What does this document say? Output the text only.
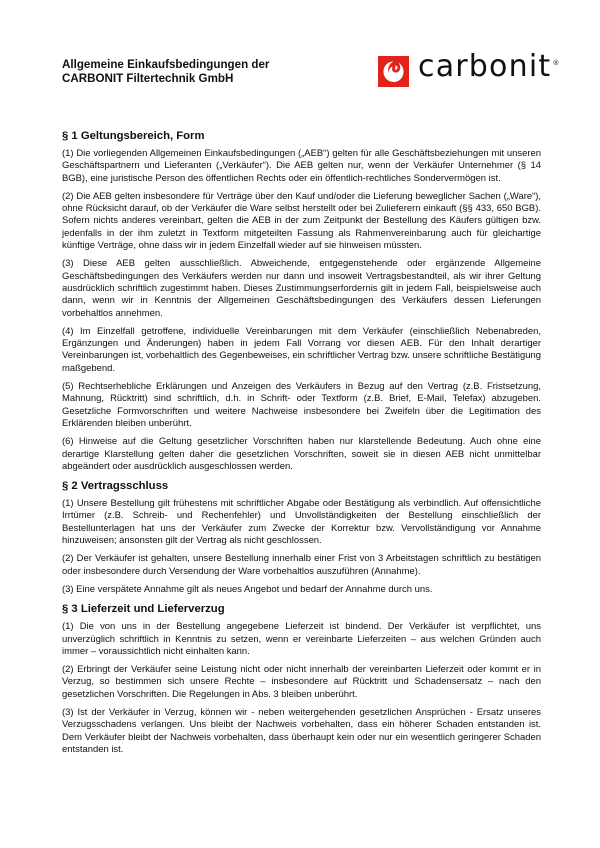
Allgemeine Einkaufsbedingungen der
CARBONIT Filtertechnik GmbH	carbonit®
§ 1 Geltungsbereich, Form

(1) Die vorliegenden Allgemeinen Einkaufsbedingungen („AEB“) gelten für alle Geschäftsbeziehungen mit unseren Geschäftspartnern und Lieferanten („Verkäufer“). Die AEB gelten nur, wenn der Verkäufer Unternehmer (§ 14 BGB), eine juristische Person des öffentlichen Rechts oder ein öffentlich-rechtliches Sondervermögen ist.

(2) Die AEB gelten insbesondere für Verträge über den Kauf und/oder die Lieferung beweglicher Sachen („Ware“), ohne Rücksicht darauf, ob der Verkäufer die Ware selbst herstellt oder bei Zulieferern einkauft (§§ 433, 650 BGB). Sofern nichts anderes vereinbart, gelten die AEB in der zum Zeitpunkt der Bestellung des Käufers gültigen bzw. jedenfalls in der ihm zuletzt in Textform mitgeteilten Fassung als Rahmenvereinbarung auch für gleichartige künftige Verträge, ohne dass wir in jedem Einzelfall wieder auf sie hinweisen müssten.

(3) Diese AEB gelten ausschließlich. Abweichende, entgegenstehende oder ergänzende Allgemeine Geschäftsbedingungen des Verkäufers werden nur dann und insoweit Vertragsbestandteil, als wir ihrer Geltung ausdrücklich schriftlich zugestimmt haben. Dieses Zustimmungserfordernis gilt in jedem Fall, beispielsweise auch dann, wenn wir in Kenntnis der Allgemeinen Geschäftsbedingungen des Verkäufers dessen Lieferungen vorbehaltlos annehmen.

(4) Im Einzelfall getroffene, individuelle Vereinbarungen mit dem Verkäufer (einschließlich Nebenabreden, Ergänzungen und Änderungen) haben in jedem Fall Vorrang vor diesen AEB. Für den Inhalt derartiger Vereinbarungen ist, vorbehaltlich des Gegenbeweises, ein schriftlicher Vertrag bzw. unsere schriftliche Bestätigung maßgebend.

(5) Rechtserhebliche Erklärungen und Anzeigen des Verkäufers in Bezug auf den Vertrag (z.B. Fristsetzung, Mahnung, Rücktritt) sind schriftlich, d.h. in Schrift- oder Textform (z.B. Brief, E-Mail, Telefax) abzugeben. Gesetzliche Formvorschriften und weitere Nachweise insbesondere bei Zweifeln über die Legitimation des Erklärenden bleiben unberührt.

(6) Hinweise auf die Geltung gesetzlicher Vorschriften haben nur klarstellende Bedeutung. Auch ohne eine derartige Klarstellung gelten daher die gesetzlichen Vorschriften, soweit sie in diesen AEB nicht unmittelbar abgeändert oder ausdrücklich ausgeschlossen werden.

§ 2 Vertragsschluss

(1) Unsere Bestellung gilt frühestens mit schriftlicher Abgabe oder Bestätigung als verbindlich. Auf offensichtliche Irrtümer (z.B. Schreib- und Rechenfehler) und Unvollständigkeiten der Bestellung einschließlich der Bestellunterlagen hat uns der Verkäufer zum Zwecke der Korrektur bzw. Vervollständigung vor Annahme hinzuweisen; ansonsten gilt der Vertrag als nicht geschlossen.

(2) Der Verkäufer ist gehalten, unsere Bestellung innerhalb einer Frist von 3 Arbeitstagen schriftlich zu bestätigen oder insbesondere durch Versendung der Ware vorbehaltlos auszuführen (Annahme).

(3) Eine verspätete Annahme gilt als neues Angebot und bedarf der Annahme durch uns.

§ 3 Lieferzeit und Lieferverzug

(1) Die von uns in der Bestellung angegebene Lieferzeit ist bindend. Der Verkäufer ist verpflichtet, uns unverzüglich schriftlich in Kenntnis zu setzen, wenn er vereinbarte Lieferzeiten – aus welchen Gründen auch immer – voraussichtlich nicht einhalten kann.

(2) Erbringt der Verkäufer seine Leistung nicht oder nicht innerhalb der vereinbarten Lieferzeit oder kommt er in Verzug, so bestimmen sich unsere Rechte – insbesondere auf Rücktritt und Schadensersatz – nach den gesetzlichen Vorschriften. Die Regelungen in Abs. 3 bleiben unberührt.

(3) Ist der Verkäufer in Verzug, können wir - neben weitergehenden gesetzlichen Ansprüchen - Ersatz unseres Verzugsschadens verlangen. Uns bleibt der Nachweis vorbehalten, dass ein höherer Schaden entstanden ist. Dem Verkäufer bleibt der Nachweis vorbehalten, dass überhaupt kein oder nur ein wesentlich geringerer Schaden entstanden ist.
